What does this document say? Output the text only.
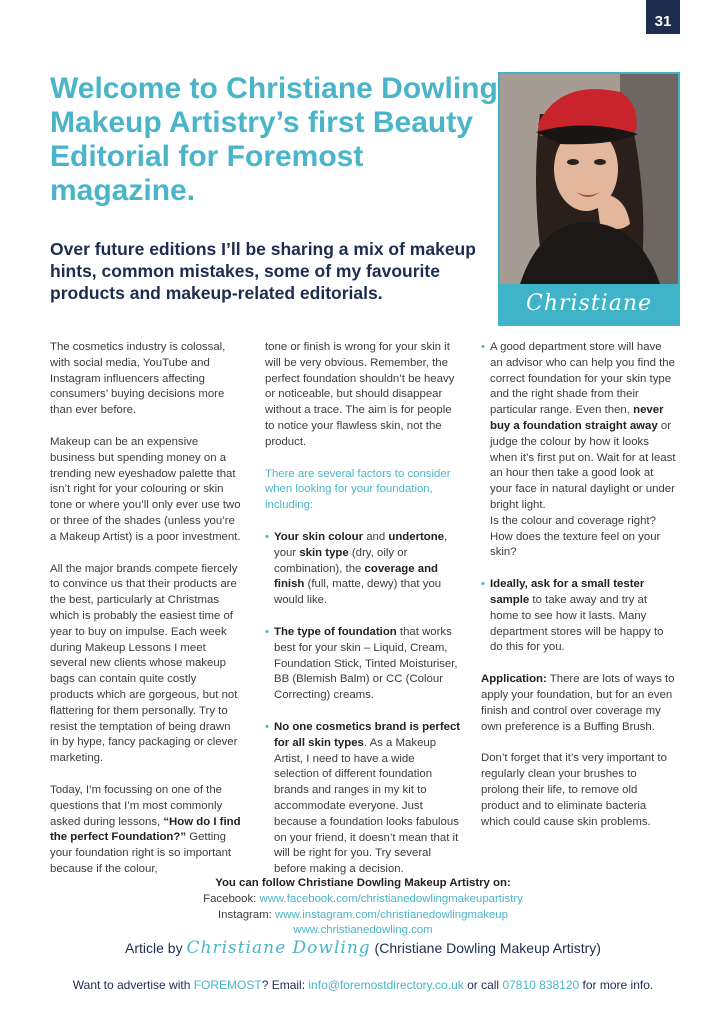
31
Welcome to Christiane Dowling Makeup Artistry’s first Beauty Editorial for Foremost magazine.
Over future editions I’ll be sharing a mix of makeup hints, common mistakes, some of my favourite products and makeup-related editorials.	Christiane

The cosmetics industry is colossal, with social media, YouTube and Instagram influencers affecting consumers’ buying decisions more than ever before.

Makeup can be an expensive business but spending money on a trending new eyeshadow palette that isn’t right for your colouring or skin tone or where you’ll only ever use two or three of the shades (unless you’re a Makeup Artist) is a poor investment.

All the major brands compete fiercely to convince us that their products are the best, particularly at Christmas which is probably the easiest time of year to buy on impulse. Each week during Makeup Lessons I meet several new clients whose makeup bags can contain quite costly products which are gorgeous, but not flattering for them personally. Try to resist the temptation of being drawn in by hype, fancy packaging or clever marketing.

Today, I’m focussing on one of the questions that I’m most commonly asked during lessons, “How do I find the perfect Foundation?” Getting your foundation right is so important because if the colour,

tone or finish is wrong for your skin it will be very obvious. Remember, the perfect foundation shouldn’t be heavy or noticeable, but should disappear without a trace. The aim is for people to notice your flawless skin, not the product.

There are several factors to consider when looking for your foundation, including:

• Your skin colour and undertone, your skin type (dry, oily or combination), the coverage and finish (full, matte, dewy) that you would like.

• The type of foundation that works best for your skin – Liquid, Cream, Foundation Stick, Tinted Moisturiser, BB (Blemish Balm) or CC (Colour Correcting) creams.

• No one cosmetics brand is perfect for all skin types. As a Makeup Artist, I need to have a wide selection of different foundation brands and ranges in my kit to accommodate everyone. Just because a foundation looks fabulous on your friend, it doesn’t mean that it will be right for you. Try several before making a decision.

• A good department store will have an advisor who can help you find the correct foundation for your skin type and the right shade from their particular range. Even then, never buy a foundation straight away or judge the colour by how it looks when it’s first put on. Wait for at least an hour then take a good look at your face in natural daylight or under bright light.
Is the colour and coverage right? How does the texture feel on your skin?

• Ideally, ask for a small tester sample to take away and try at home to see how it lasts. Many department stores will be happy to do this for you.

Application: There are lots of ways to apply your foundation, but for an even finish and control over coverage my own preference is a Buffing Brush.

Don’t forget that it’s very important to regularly clean your brushes to prolong their life, to remove old product and to eliminate bacteria which could cause skin problems.

You can follow Christiane Dowling Makeup Artistry on:
Facebook: www.facebook.com/christianedowlingmakeupartistry
Instagram: www.instagram.com/christianedowlingmakeup
www.christianedowling.com
Article by Christiane Dowling (Christiane Dowling Makeup Artistry)
Want to advertise with FOREMOST? Email: info@foremostdirectory.co.uk or call 07810 838120 for more info.
